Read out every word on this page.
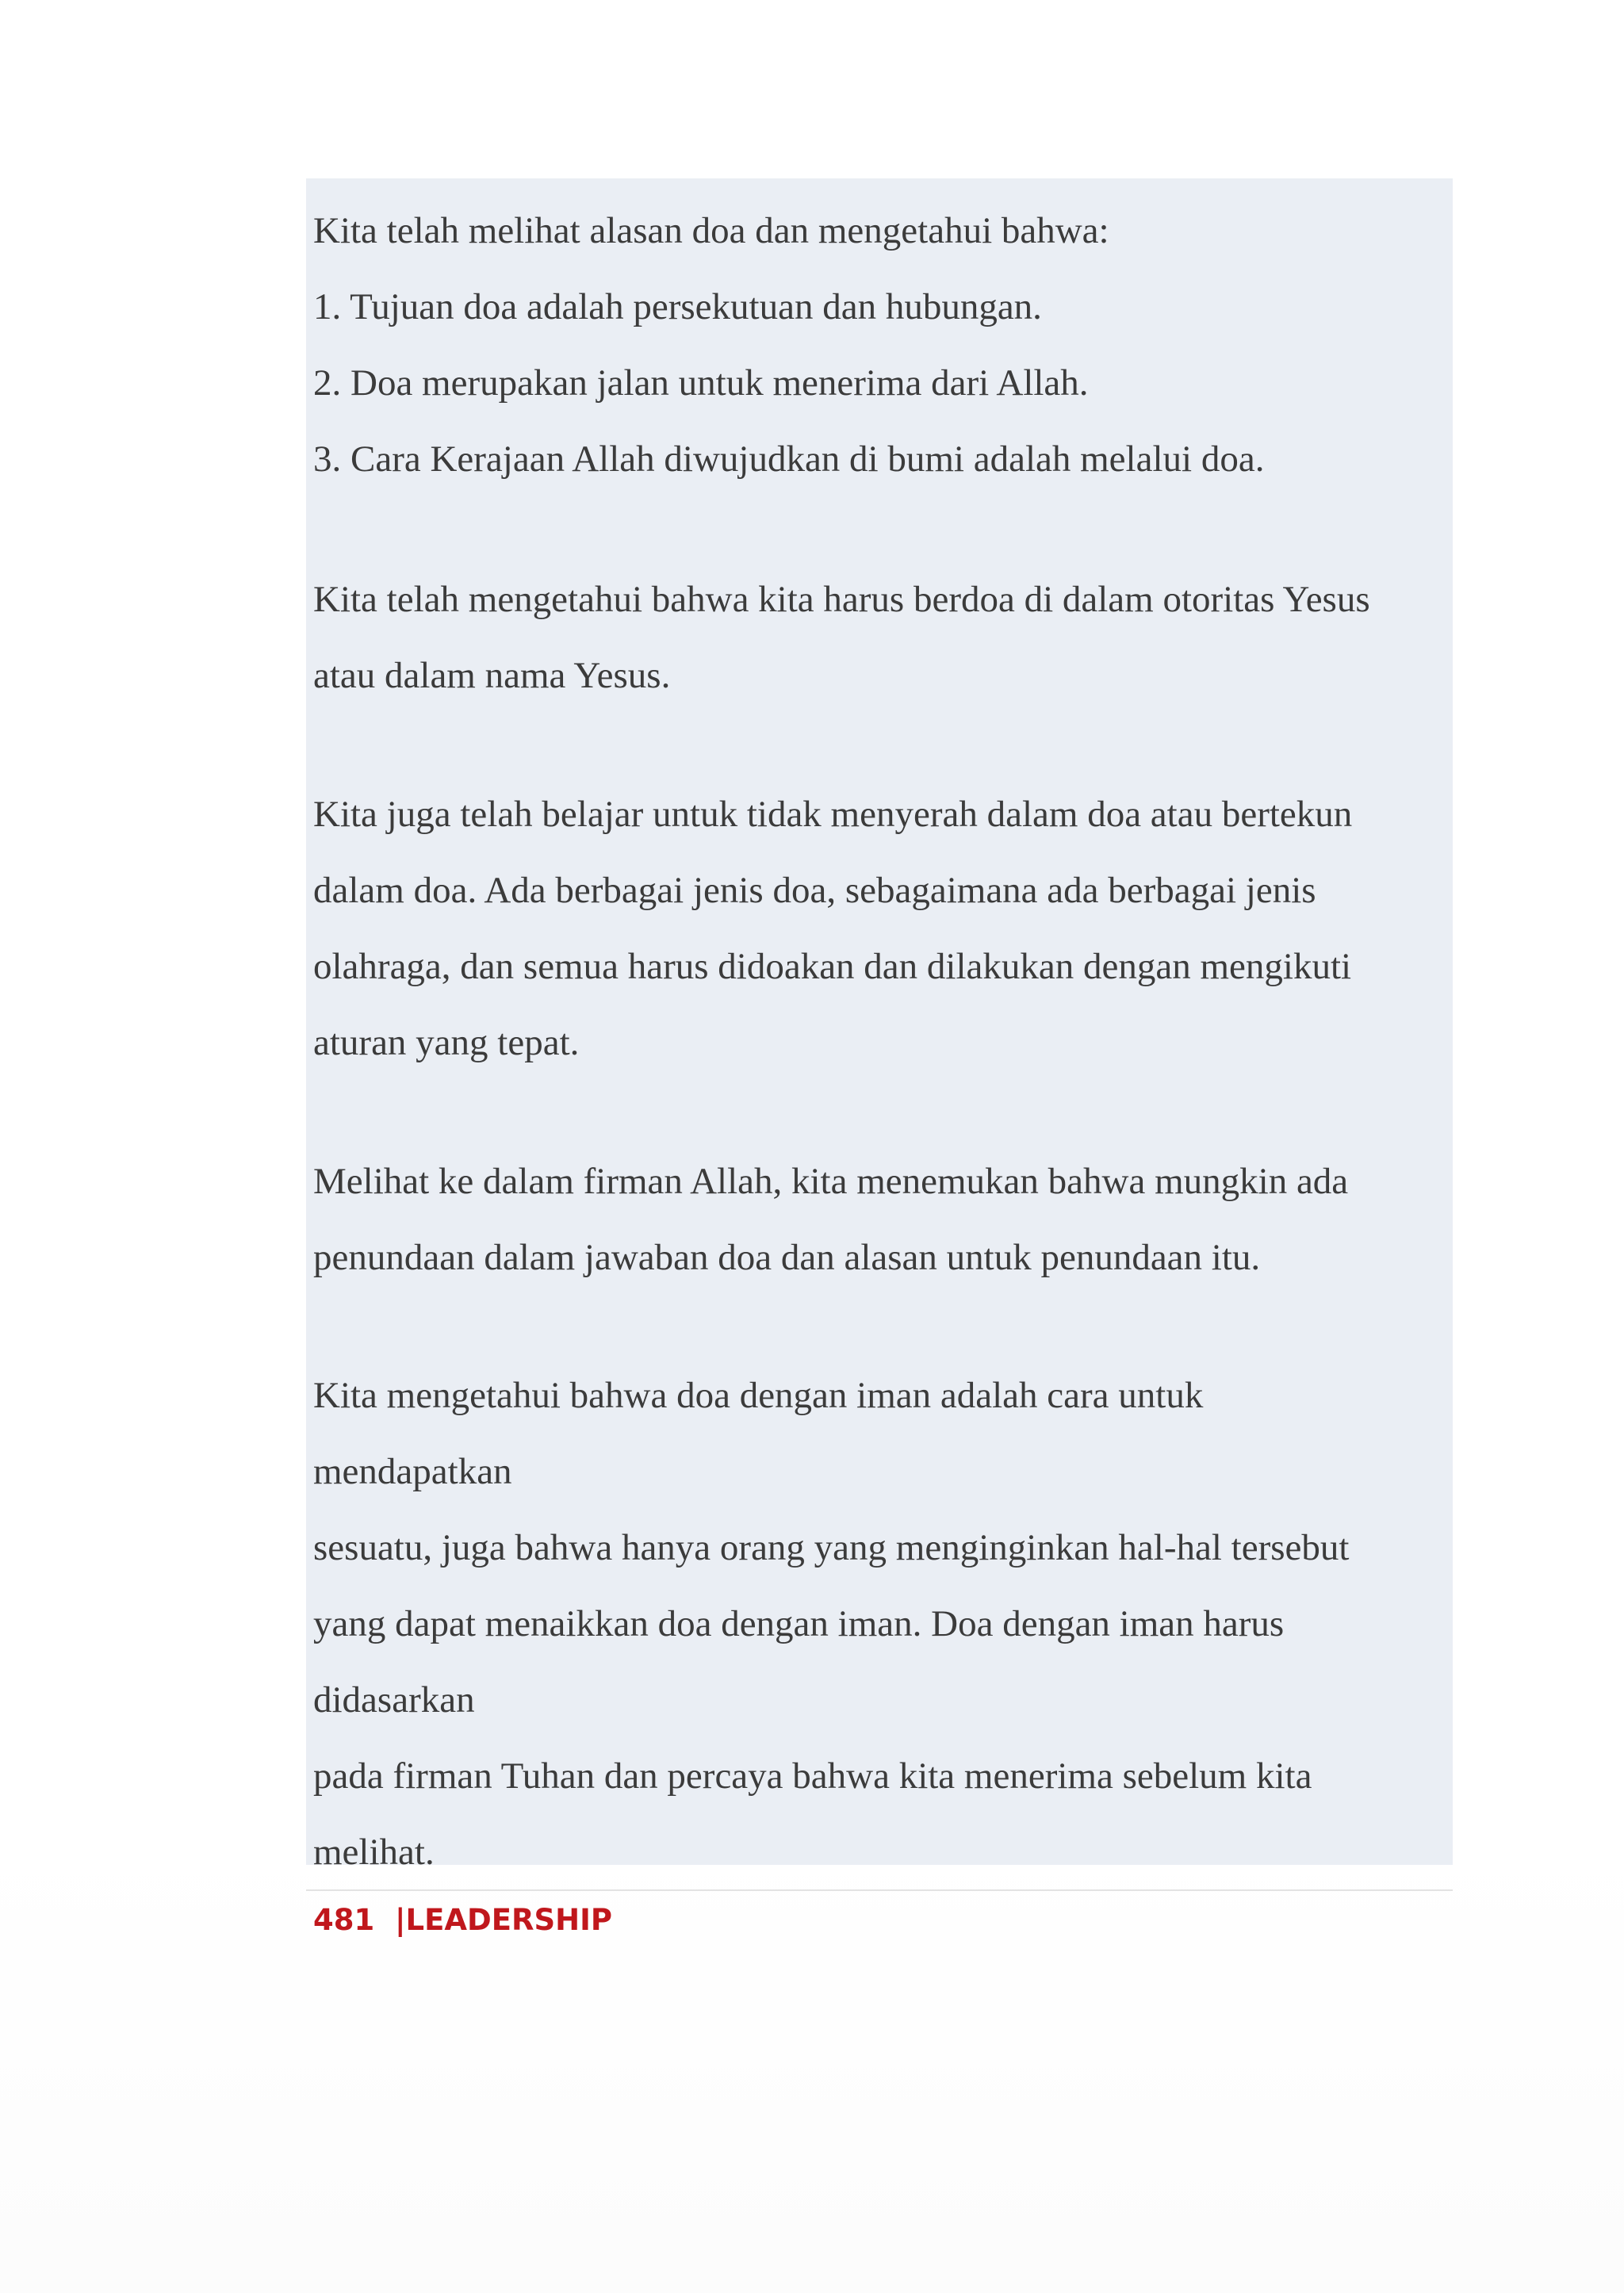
Kita telah melihat alasan doa dan mengetahui bahwa:

1. Tujuan doa adalah persekutuan dan hubungan.

2. Doa merupakan jalan untuk menerima dari Allah.

3. Cara Kerajaan Allah diwujudkan di bumi adalah melalui doa.

Kita telah mengetahui bahwa kita harus berdoa di dalam otoritas Yesus

atau dalam nama Yesus.

Kita juga telah belajar untuk tidak menyerah dalam doa atau bertekun

dalam doa. Ada berbagai jenis doa, sebagaimana ada berbagai jenis

olahraga, dan semua harus didoakan dan dilakukan dengan mengikuti

aturan yang tepat.

Melihat ke dalam firman Allah, kita menemukan bahwa mungkin ada

penundaan dalam jawaban doa dan alasan untuk penundaan itu.

Kita mengetahui bahwa doa dengan iman adalah cara untuk

mendapatkan

sesuatu, juga bahwa hanya orang yang menginginkan hal-hal tersebut

yang dapat menaikkan doa dengan iman. Doa dengan iman harus

didasarkan

pada firman Tuhan dan percaya bahwa kita menerima sebelum kita

melihat.

481 |LEADERSHIP
